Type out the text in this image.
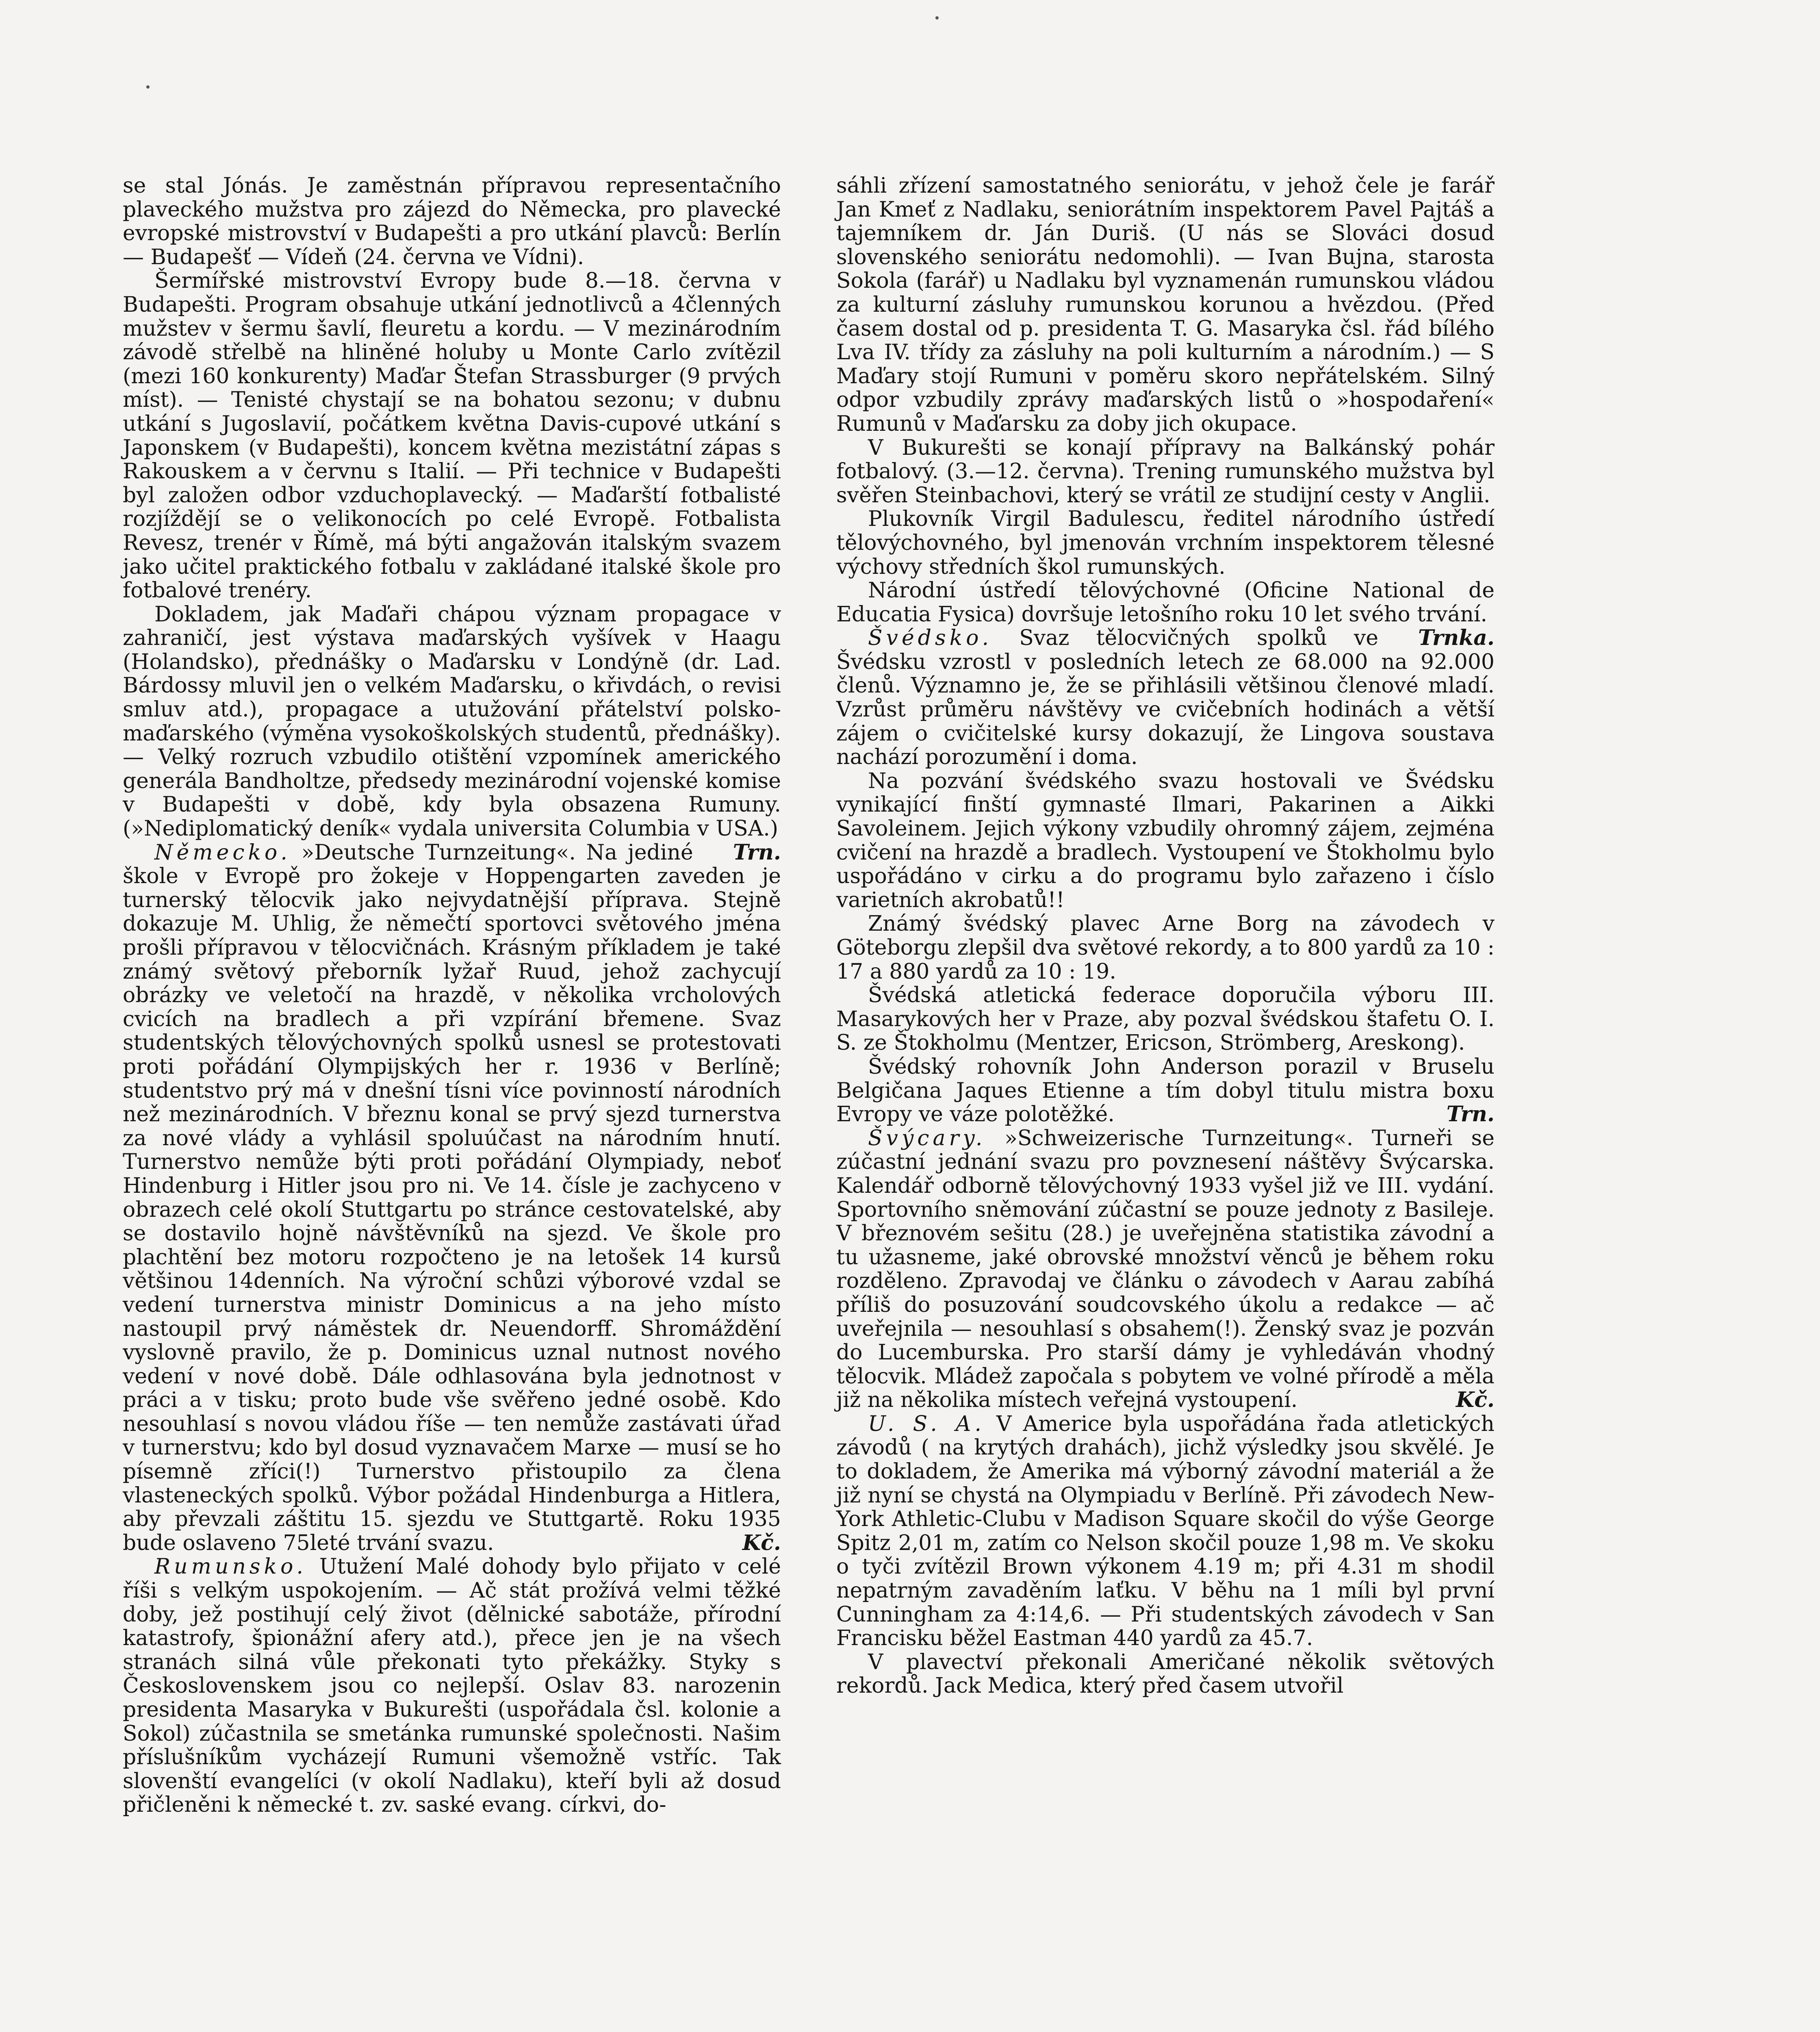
se stal Jónás. Je zaměstnán přípravou representačního plaveckého mužstva pro zájezd do Německa, pro plavecké evropské mistrovství v Budapešti a pro utkání plavců: Berlín — Budapešť — Vídeň (24. června ve Vídni).

Šermířské mistrovství Evropy bude 8.—18. června v Budapešti. Program obsahuje utkání jednotlivců a 4členných mužstev v šermu šavlí, fleuretu a kordu. — V mezinárodním závodě střelbě na hliněné holuby u Monte Carlo zvítězil (mezi 160 konkurenty) Maďar Štefan Strassburger (9 prvých míst). — Tenisté chystají se na bohatou sezonu; v dubnu utkání s Jugoslavií, počátkem května Davis-cupové utkání s Japonskem (v Budapešti), koncem května mezistátní zápas s Rakouskem a v červnu s Italií. — Při technice v Budapešti byl založen odbor vzduchoplavecký. — Maďarští fotbalisté rozjíždějí se o velikonocích po celé Evropě. Fotbalista Revesz, trenér v Římě, má býti angažován italským svazem jako učitel praktického fotbalu v zakládané italské škole pro fotbalové trenéry.

Dokladem, jak Maďaři chápou význam propagace v zahraničí, jest výstava maďarských vyšívek v Haagu (Holandsko), přednášky o Maďarsku v Londýně (dr. Lad. Bárdossy mluvil jen o velkém Maďarsku, o křivdách, o revisi smluv atd.), propagace a utužování přátelství polsko-maďarského (výměna vysokoškolských studentů, přednášky). — Velký rozruch vzbudilo otištění vzpomínek amerického generála Bandholtze, předsedy mezinárodní vojenské komise v Budapešti v době, kdy byla obsazena Rumuny. (»Nediplomatický deník« vydala universita Columbia v USA.)
Trn.

Německo. »Deutsche Turnzeitung«. Na jediné škole v Evropě pro žokeje v Hoppengarten zaveden je turnerský tělocvik jako nejvydatnější příprava. Stejně dokazuje M. Uhlig, že němečtí sportovci světového jména prošli přípravou v tělocvičnách. Krásným příkladem je také známý světový přeborník lyžař Ruud, jehož zachycují obrázky ve veletočí na hrazdě, v několika vrcholových cvicích na bradlech a při vzpírání břemene. Svaz studentských tělovýchovných spolků usnesl se protestovati proti pořádání Olympijských her r. 1936 v Berlíně; studentstvo prý má v dnešní tísni více povinností národních než mezinárodních. V březnu konal se prvý sjezd turnerstva za nové vlády a vyhlásil spoluúčast na národním hnutí. Turnerstvo nemůže býti proti pořádání Olympiady, neboť Hindenburg i Hitler jsou pro ni. Ve 14. čísle je zachyceno v obrazech celé okolí Stuttgartu po stránce cestovatelské, aby se dostavilo hojně návštěvníků na sjezd. Ve škole pro plachtění bez motoru rozpočteno je na letošek 14 kursů většinou 14denních. Na výroční schůzi výborové vzdal se vedení turnerstva ministr Dominicus a na jeho místo nastoupil prvý náměstek dr. Neuendorff. Shromáždění vyslovně pravilo, že p. Dominicus uznal nutnost nového vedení v nové době. Dále odhlasována byla jednotnost v práci a v tisku; proto bude vše svěřeno jedné osobě. Kdo nesouhlasí s novou vládou říše — ten nemůže zastávati úřad v turnerstvu; kdo byl dosud vyznavačem Marxe — musí se ho písemně zříci(!) Turnerstvo přistoupilo za člena vlasteneckých spolků. Výbor požádal Hindenburga a Hitlera, aby převzali záštitu 15. sjezdu ve Stuttgartě. Roku 1935 bude oslaveno 75leté trvání svazu.	Kč.

Rumunsko. Utužení Malé dohody bylo přijato v celé říši s velkým uspokojením. — Ač stát prožívá velmi těžké doby, jež postihují celý život (dělnické sabotáže, přírodní katastrofy, špionážní afery atd.), přece jen je na všech stranách silná vůle překonati tyto překážky. Styky s Československem jsou co nejlepší. Oslav 83. narozenin presidenta Masaryka v Bukurešti (uspořádala čsl. kolonie a Sokol) zúčastnila se smetánka rumunské společnosti. Našim příslušníkům vycházejí Rumuni všemožně vstříc. Tak slovenští evangelíci (v okolí Nadlaku), kteří byli až dosud přičleněni k německé t. zv. saské evang. církvi, do-

sáhli zřízení samostatného seniorátu, v jehož čele je farář Jan Kmeť z Nadlaku, seniorátním inspektorem Pavel Pajtáš a tajemníkem dr. Ján Duriš. (U nás se Slováci dosud slovenského seniorátu nedomohli). — Ivan Bujna, starosta Sokola (farář) u Nadlaku byl vyznamenán rumunskou vládou za kulturní zásluhy rumunskou korunou a hvězdou. (Před časem dostal od p. presidenta T. G. Masaryka čsl. řád bílého Lva IV. třídy za zásluhy na poli kulturním a národním.) — S Maďary stojí Rumuni v poměru skoro nepřátelském. Silný odpor vzbudily zprávy maďarských listů o »hospodaření« Rumunů v Maďarsku za doby jich okupace.

V Bukurešti se konají přípravy na Balkánský pohár fotbalový. (3.—12. června). Trening rumunského mužstva byl svěřen Steinbachovi, který se vrátil ze studijní cesty v Anglii.

Plukovník Virgil Badulescu, ředitel národního ústředí tělovýchovného, byl jmenován vrchním inspektorem tělesné výchovy středních škol rumunských.

Národní ústředí tělovýchovné (Oficine National de Educatia Fysica) dovršuje letošního roku 10 let svého trvání.
Trnka.

Švédsko. Svaz tělocvičných spolků ve Švédsku vzrostl v posledních letech ze 68.000 na 92.000 členů. Významno je, že se přihlásili většinou členové mladí. Vzrůst průměru návštěvy ve cvičebních hodinách a větší zájem o cvičitelské kursy dokazují, že Lingova soustava nachází porozumění i doma.

Na pozvání švédského svazu hostovali ve Švédsku vynikající finští gymnasté Ilmari, Pakarinen a Aikki Savoleinem. Jejich výkony vzbudily ohromný zájem, zejména cvičení na hrazdě a bradlech. Vystoupení ve Štokholmu bylo uspořádáno v cirku a do programu bylo zařazeno i číslo varietních akrobatů!!

Známý švédský plavec Arne Borg na závodech v Göteborgu zlepšil dva světové rekordy, a to 800 yardů za 10 : 17 a 880 yardů za 10 : 19.

Švédská atletická federace doporučila výboru III. Masarykových her v Praze, aby pozval švédskou štafetu O. I. S. ze Štokholmu (Mentzer, Ericson, Strömberg, Areskong).

Švédský rohovník John Anderson porazil v Bruselu Belgičana Jaques Etienne a tím dobyl titulu mistra boxu Evropy ve váze polotěžké.	Trn.

Švýcary. »Schweizerische Turnzeitung«. Turneři se zúčastní jednání svazu pro povznesení náštěvy Švýcarska. Kalendář odborně tělovýchovný 1933 vyšel již ve III. vydání. Sportovního sněmování zúčastní se pouze jednoty z Basileje. V březnovém sešitu (28.) je uveřejněna statistika závodní a tu užasneme, jaké obrovské množství věnců je během roku rozděleno. Zpravodaj ve článku o závodech v Aarau zabíhá příliš do posuzování soudcovského úkolu a redakce — ač uveřejnila — nesouhlasí s obsahem(!). Ženský svaz je pozván do Lucemburska. Pro starší dámy je vyhledáván vhodný tělocvik. Mládež započala s pobytem ve volné přírodě a měla již na několika místech veřejná vystoupení.	Kč.

U. S. A. V Americe byla uspořádána řada atletických závodů ( na krytých drahách), jichž výsledky jsou skvělé. Je to dokladem, že Amerika má výborný závodní materiál a že již nyní se chystá na Olympiadu v Berlíně. Při závodech New-York Athletic-Clubu v Madison Square skočil do výše George Spitz 2,01 m, zatím co Nelson skočil pouze 1,98 m. Ve skoku o tyči zvítězil Brown výkonem 4.19 m; při 4.31 m shodil nepatrným zavaděním laťku. V běhu na 1 míli byl první Cunningham za 4:14,6. — Při studentských závodech v San Francisku běžel Eastman 440 yardů za 45.7.

V plavectví překonali Američané několik světových rekordů. Jack Medica, který před časem utvořil
